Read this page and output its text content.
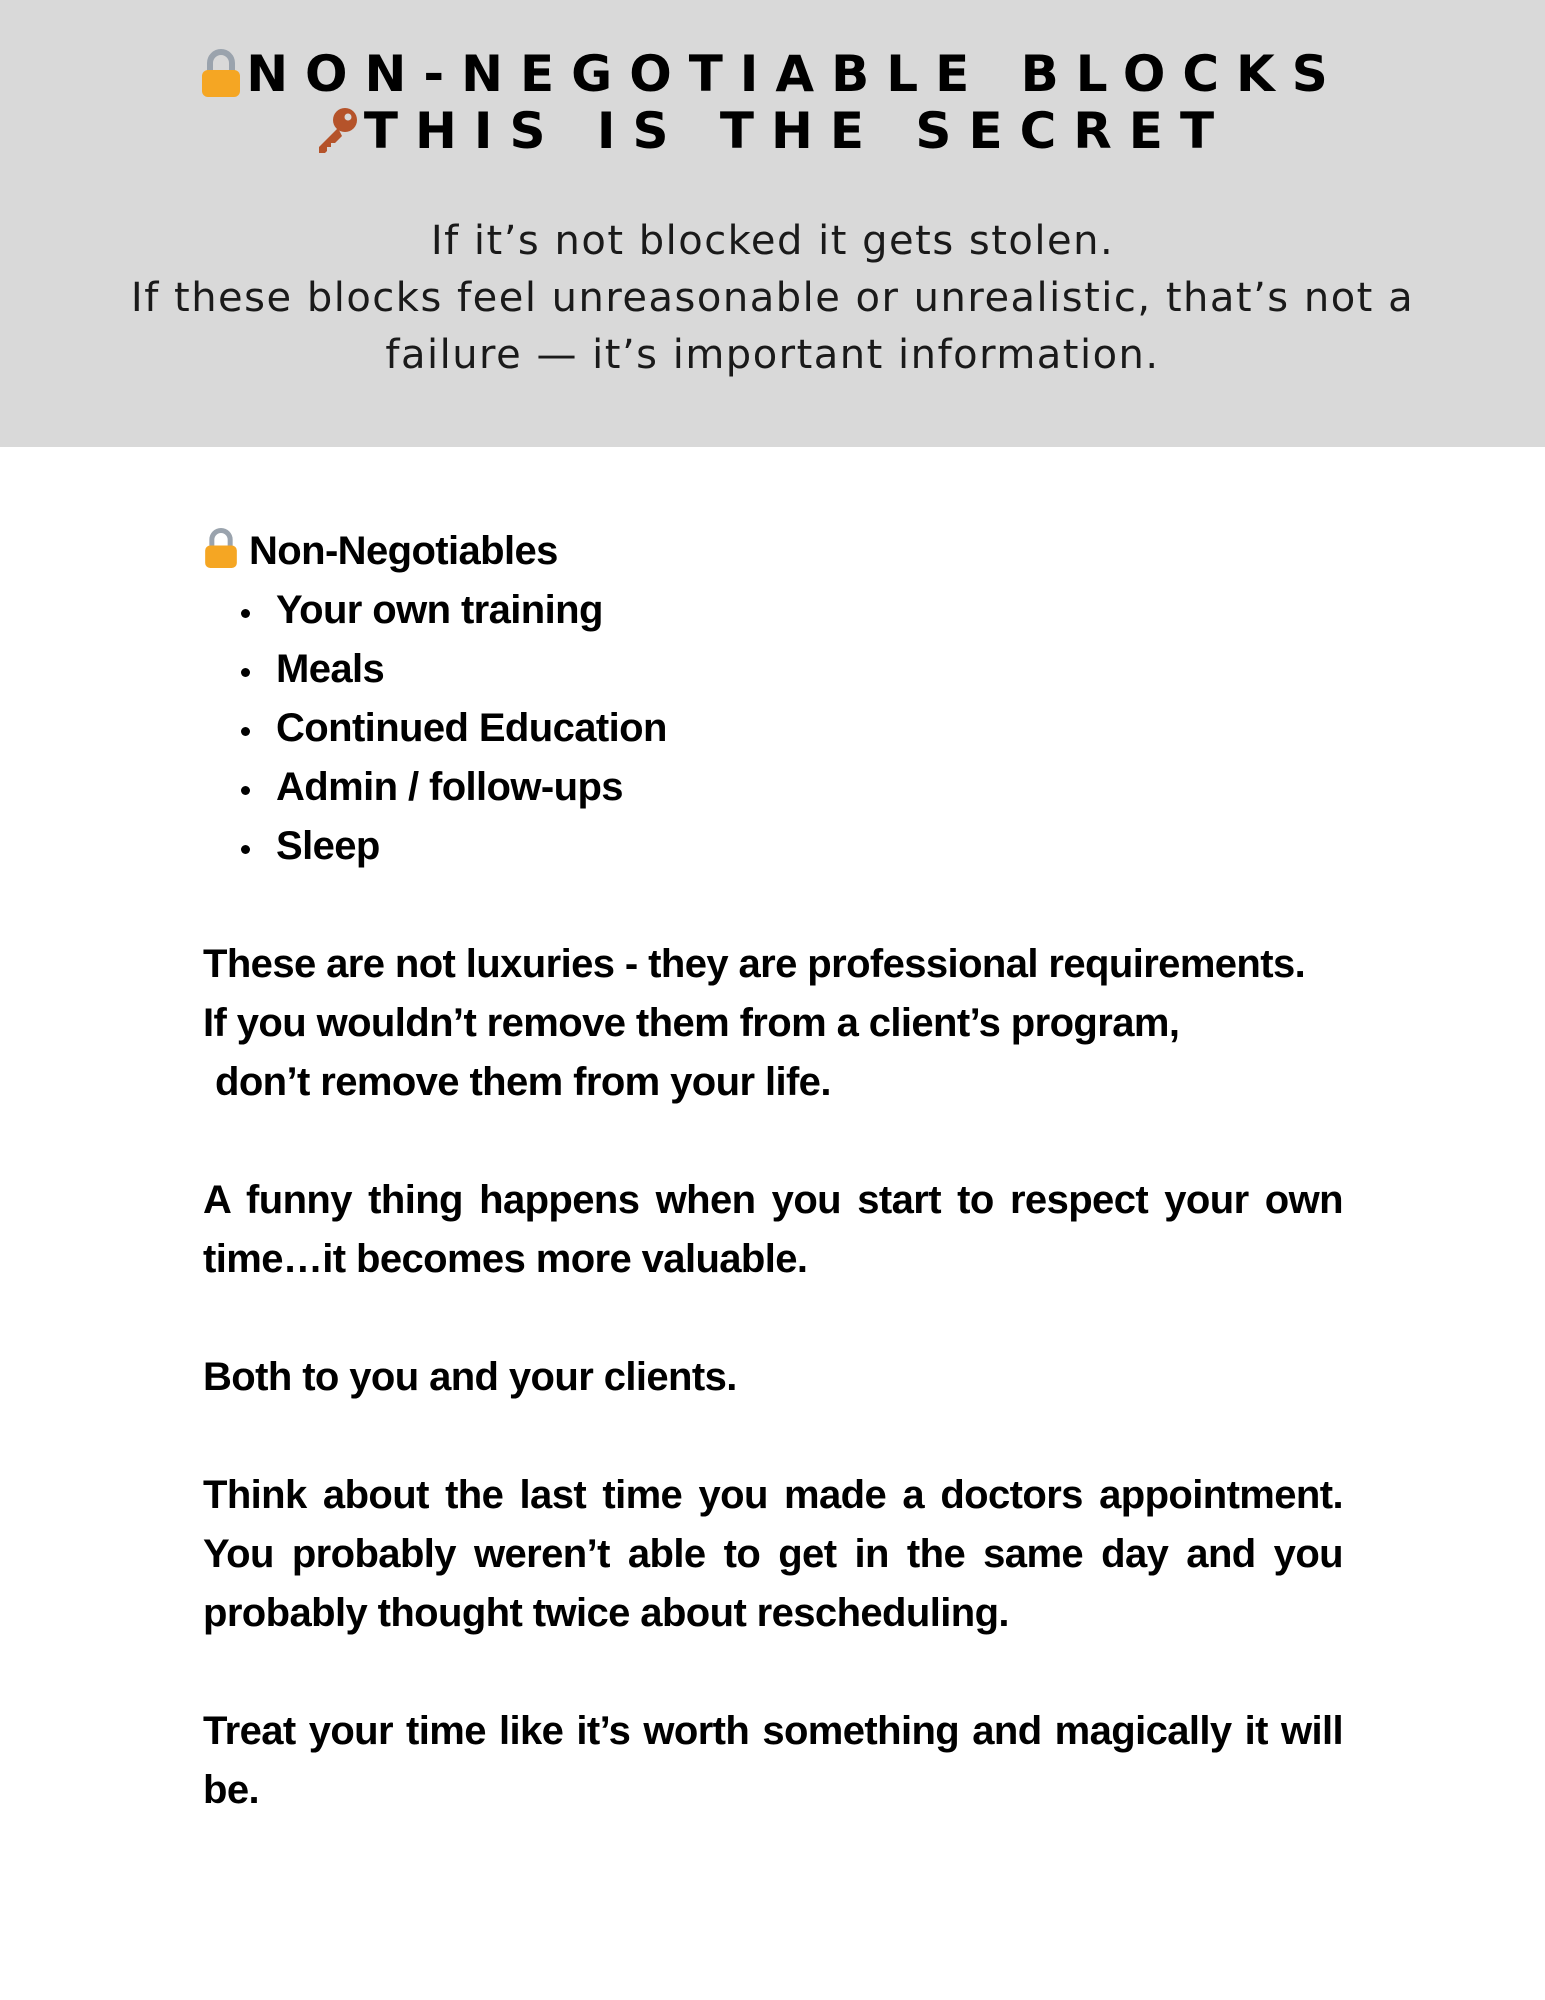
NON-NEGOTIABLE BLOCKS
THIS IS THE SECRET
If it’s not blocked it gets stolen.
If these blocks feel unreasonable or unrealistic, that’s not a
failure — it’s important information.
Non-Negotiables
Your own training
Meals
Continued Education
Admin / follow-ups
Sleep
These are not luxuries - they are professional requirements.
If you wouldn’t remove them from a client’s program,
don’t remove them from your life.
A funny thing happens when you start to respect your own
time…it becomes more valuable.
Both to you and your clients.
Think about the last time you made a doctors appointment.
You probably weren’t able to get in the same day and you
probably thought twice about rescheduling.
Treat your time like it’s worth something and magically it will
be.
